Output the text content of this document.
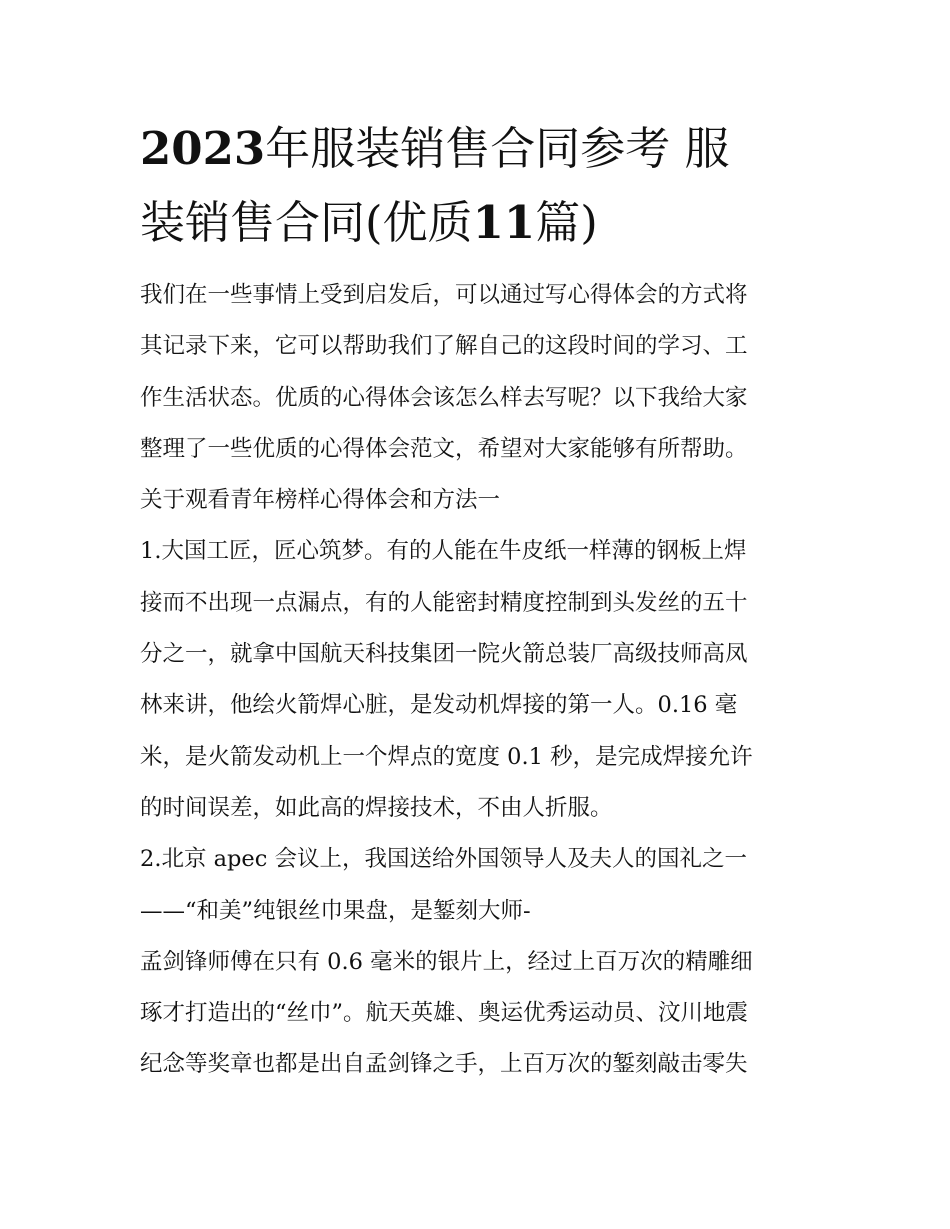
2023年服装销售合同参考 服
装销售合同(优质11篇)
我们在一些事情上受到启发后，可以通过写心得体会的方式将
其记录下来，它可以帮助我们了解自己的这段时间的学习、工
作生活状态。优质的心得体会该怎么样去写呢？以下我给大家
整理了一些优质的心得体会范文，希望对大家能够有所帮助。
关于观看青年榜样心得体会和方法一
1.大国工匠，匠心筑梦。有的人能在牛皮纸一样薄的钢板上焊
接而不出现一点漏点，有的人能密封精度控制到头发丝的五十
分之一，就拿中国航天科技集团一院火箭总装厂高级技师高凤
林来讲，他绘火箭焊心脏，是发动机焊接的第一人。0.16 毫
米，是火箭发动机上一个焊点的宽度 0.1 秒，是完成焊接允许
的时间误差，如此高的焊接技术，不由人折服。
2.北京 apec 会议上，我国送给外国领导人及夫人的国礼之一
——“和美”纯银丝巾果盘，是錾刻大师-
孟剑锋师傅在只有 0.6 毫米的银片上，经过上百万次的精雕细
琢才打造出的“丝巾”。航天英雄、奥运优秀运动员、汶川地震
纪念等奖章也都是出自孟剑锋之手，上百万次的錾刻敲击零失
